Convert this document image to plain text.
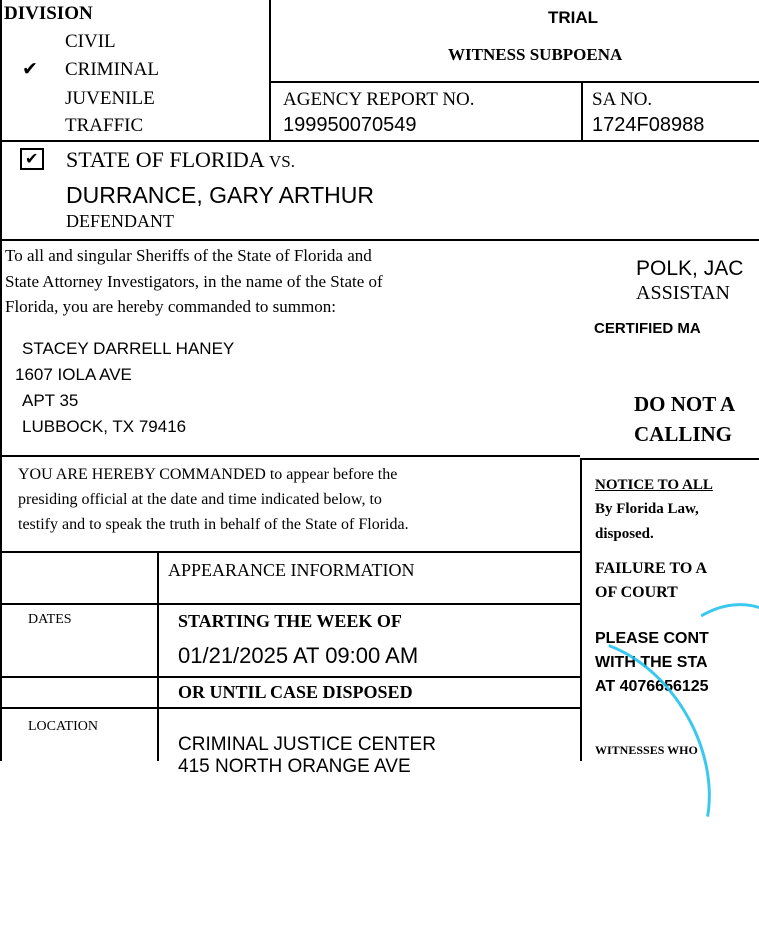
DIVISION
CIVIL
✔ CRIMINAL
JUVENILE
TRAFFIC
TRIAL
WITNESS SUBPOENA
AGENCY REPORT NO.
199950070549
SA NO.
1724F08988
✔ STATE OF FLORIDA VS.
DURRANCE, GARY ARTHUR
DEFENDANT
To all and singular Sheriffs of the State of Florida and
State Attorney Investigators, in the name of the State of
Florida, you are hereby commanded to summon:
STACEY DARRELL HANEY
1607 IOLA AVE
APT 35
LUBBOCK, TX 79416
POLK, JAC
ASSISTAN
CERTIFIED MA
DO NOT A
CALLING
YOU ARE HEREBY COMMANDED to appear before the
presiding official at the date and time indicated below, to
testify and to speak the truth in behalf of the State of Florida.
NOTICE TO ALL
By Florida Law,
disposed.
FAILURE TO A
OF COURT
PLEASE CONT
WITH THE STA
AT 4076656125
WITNESSES WHO
APPEARANCE INFORMATION
DATES	STARTING THE WEEK OF
01/21/2025 AT 09:00 AM
OR UNTIL CASE DISPOSED
LOCATION
CRIMINAL JUSTICE CENTER
415 NORTH ORANGE AVE
